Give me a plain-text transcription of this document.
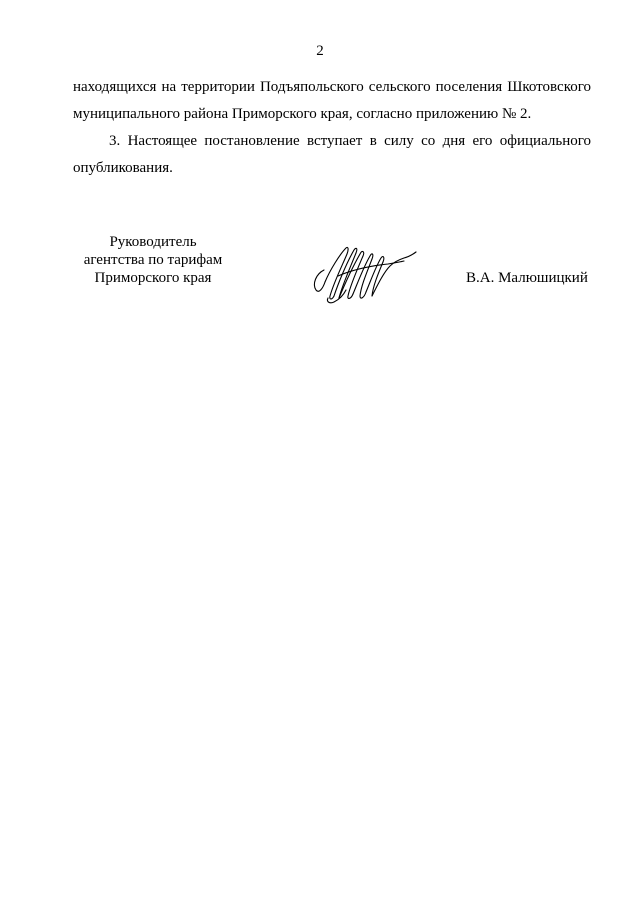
2

находящихся на территории Подъяпольского сельского поселения Шкотовского
муниципального района Приморского края, согласно приложению № 2.

3. Настоящее постановление вступает в силу со дня его официального
опубликования.

Руководитель
агентства по тарифам
Приморского края	В.А. Малюшицкий
